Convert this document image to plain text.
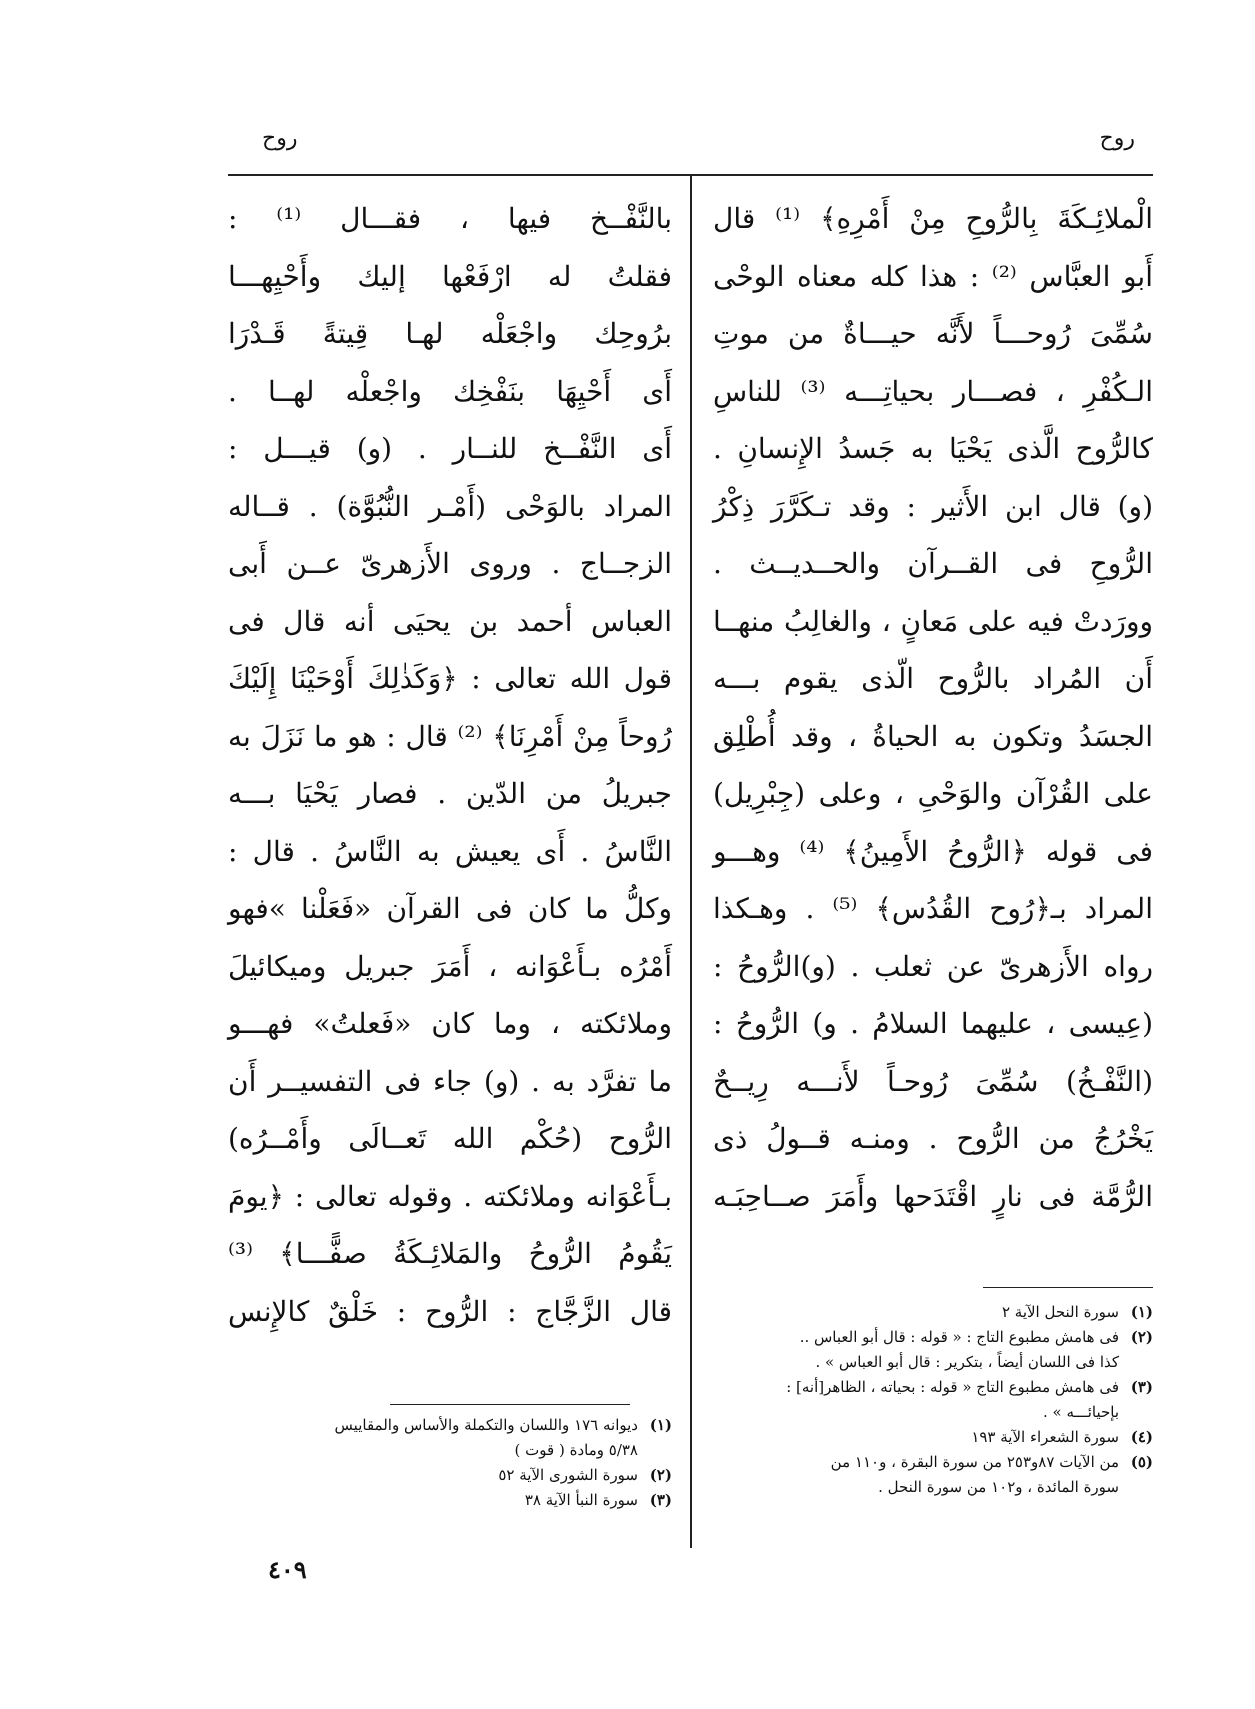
روح
روح

الْملائِـكَةَ بِالرُّوحِ مِنْ أَمْرِهِ﴾ ⁽¹⁾ قال

أَبو العبَّاس ⁽²⁾ : هذا كله معناه الوحْى

سُمِّىَ رُوحـــاً لأَنَّه حيـــاةٌ من موتِ

الـكُفْرِ ، فصـــار بحياتِـــه ⁽³⁾ للناسِ

كالرُّوح الَّذى يَحْيَا به جَسدُ الإِنسانِ .

(و) قال ابن الأَثير : وقد تـكَرَّرَ ذِكْرُ

الرُّوحِ فى القــرآن والحــديــث .

وورَدتْ فيه على مَعانٍ ، والغالِبُ منهــا

أَن المُراد بالرُّوح الّذى يقوم بـــه

الجسَدُ وتكون به الحياةُ ، وقد أُطْلِق

على القُرْآن والوَحْىِ ، وعلى (جِبْرِيل)

فى قوله ﴿الرُّوحُ الأَمِينُ﴾ ⁽⁴⁾ وهـــو

المراد بـ﴿رُوح القُدُس﴾ ⁽⁵⁾ . وهـكذا

رواه الأَزهرىّ عن ثعلب . (و)الرُّوحُ :

(عِيسى ، عليهما السلامُ . و) الرُّوحُ :

(النَّفْـخُ) سُمِّىَ رُوحـاً لأَنـــه رِيــحٌ

يَخْرُجُ من الرُّوح . ومنـه قــولُ ذى

الرُّمَّة فى نارٍ اقْتَدَحها وأَمَرَ صــاحِبَـه

بالنَّفْــخ فيها ، فقـــال ⁽¹⁾ :

فقلتُ له ارْفَعْها إليك وأَحْيِهـــا

برُوحِك واجْعَلْه لهـا قِيتةً قَـدْرَا

أَى أَحْيِهَا بنَفْخِك واجْعلْه لهــا .

أَى النَّفْــخ للنــار . (و) قيـــل :

المراد بالوَحْى (أَمْـر النُّبُوَّة) . قــاله

الزجــاج . وروى الأَزهرىّ عــن أَبى

العباس أحمد بن يحيَى أنه قال فى

قول الله تعالى : ﴿وَكَذٰلِكَ أَوْحَيْنَا إِلَيْكَ

رُوحاً مِنْ أَمْرِنَا﴾ ⁽²⁾ قال : هو ما نَزَلَ به

جبريلُ من الدّين . فصار يَحْيَا بـــه

النَّاسُ . أَى يعيش به النَّاسُ . قال :

وكلُّ ما كان فى القرآن «فَعَلْنا »فهو

أَمْرُه بـأَعْوَانه ، أَمَرَ جبريل وميكائيلَ

وملائكته ، وما كان «فَعلتُ» فهـــو

ما تفرَّد به . (و) جاء فى التفسيــر أَن

الرُّوح (حُكْم الله تَعــالَى وأَمْــرُه)

بـأَعْوَانه وملائكته . وقوله تعالى : ﴿يومَ

يَقُومُ الرُّوحُ والمَلائِـكَةُ صفًّـــا﴾ ⁽³⁾

قال الزَّجَّاج : الرُّوح : خَلْقٌ كالإِنس	(١)سورة النحل الآية ٢

(٢)فى هامش مطبوع التاج : « قوله : قال أبو العباس ..

كذا فى اللسان أيضاً ، بتكرير : قال أبو العباس » .

(٣)فى هامش مطبوع التاج « قوله : بحياته ، الظاهر[أنه] :

بإحيائـــه » .

(٤)سورة الشعراء الآية ١٩٣

(٥)من الآيات ٨٧و٢٥٣ من سورة البقرة ، و١١٠ من

سورة المائدة ، و١٠٢ من سورة النحل .

(١)ديوانه ١٧٦ واللسان والتكملة والأساس والمقاييس

٥/٣٨ ومادة ( قوت )

(٢)سورة الشورى الآية ٥٢

(٣)سورة النبأ الآية ٣٨

٤٠٩
